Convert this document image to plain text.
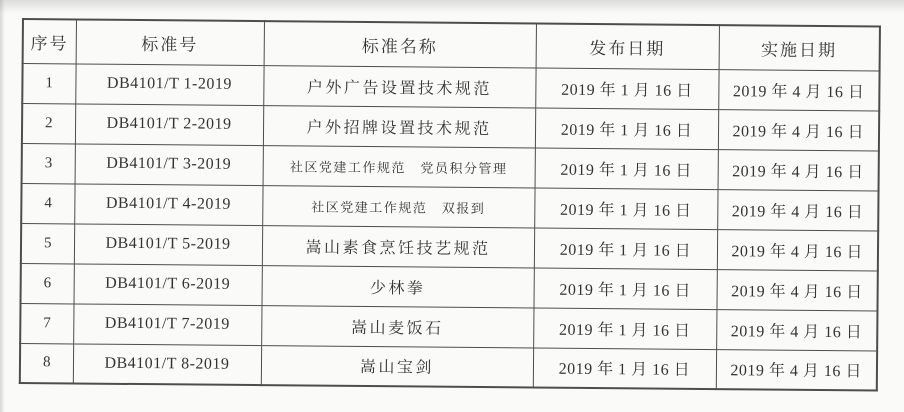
序号	标准号	标准名称	发布日期	实施日期
1	DB4101/T 1-2019	户外广告设置技术规范	2019 年 1 月 16 日	2019 年 4 月 16 日
2	DB4101/T 2-2019	户外招牌设置技术规范	2019 年 1 月 16 日	2019 年 4 月 16 日
3	DB4101/T 3-2019	社区党建工作规范　党员积分管理	2019 年 1 月 16 日	2019 年 4 月 16 日
4	DB4101/T 4-2019	社区党建工作规范　双报到	2019 年 1 月 16 日	2019 年 4 月 16 日
5	DB4101/T 5-2019	嵩山素食烹饪技艺规范	2019 年 1 月 16 日	2019 年 4 月 16 日
6	DB4101/T 6-2019	少林拳	2019 年 1 月 16 日	2019 年 4 月 16 日
7	DB4101/T 7-2019	嵩山麦饭石	2019 年 1 月 16 日	2019 年 4 月 16 日
8	DB4101/T 8-2019	嵩山宝剑	2019 年 1 月 16 日	2019 年 4 月 16 日
